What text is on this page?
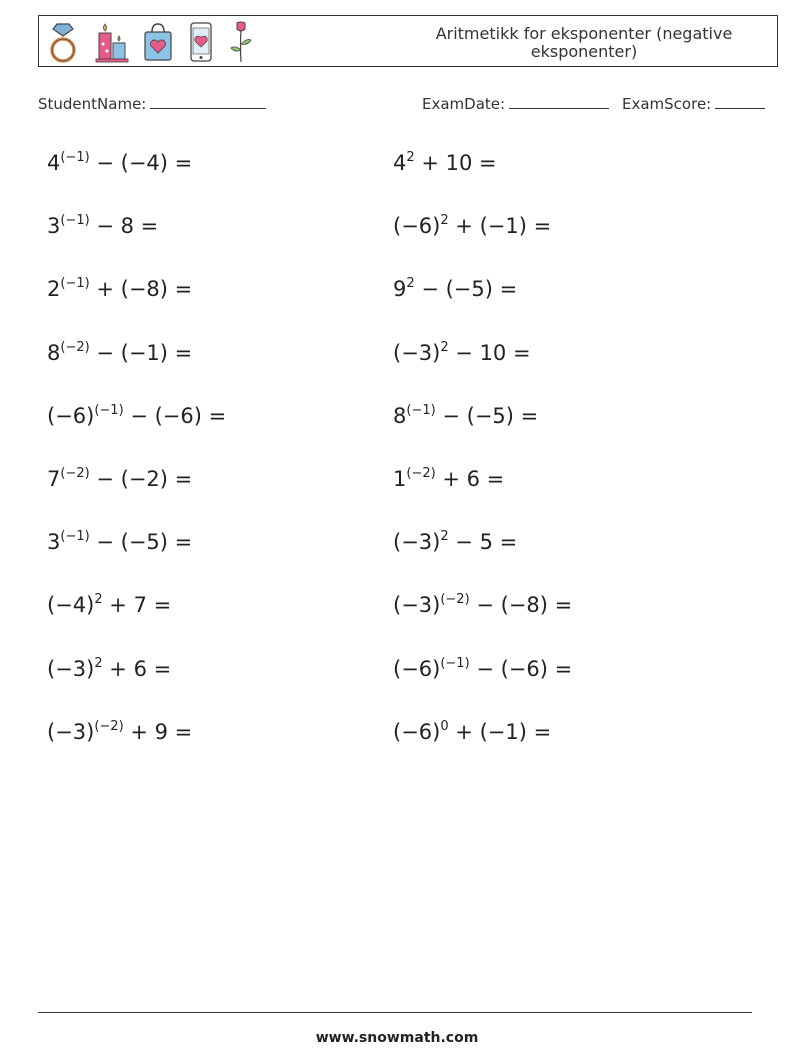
Aritmetikk for eksponenter (negative eksponenter)
StudentName:	ExamDate:	ExamScore:
$4^{(-1)} - (-4)$ =	$4^2 + 10$ =
$3^{(-1)} - 8$ =	$(-6)^2 + (-1)$ =
$2^{(-1)} + (-8)$ =	$9^2 - (-5)$ =
$8^{(-2)} - (-1)$ =	$(-3)^2 - 10$ =
$(-6)^{(-1)} - (-6)$ =	$8^{(-1)} - (-5)$ =
$7^{(-2)} - (-2)$ =	$1^{(-2)} + 6$ =
$3^{(-1)} - (-5)$ =	$(-3)^2 - 5$ =
$(-4)^2 + 7$ =	$(-3)^{(-2)} - (-8)$ =
$(-3)^2 + 6$ =	$(-6)^{(-1)} - (-6)$ =
$(-3)^{(-2)} + 9$ =	$(-6)^0 + (-1)$ =
www.snowmath.com
